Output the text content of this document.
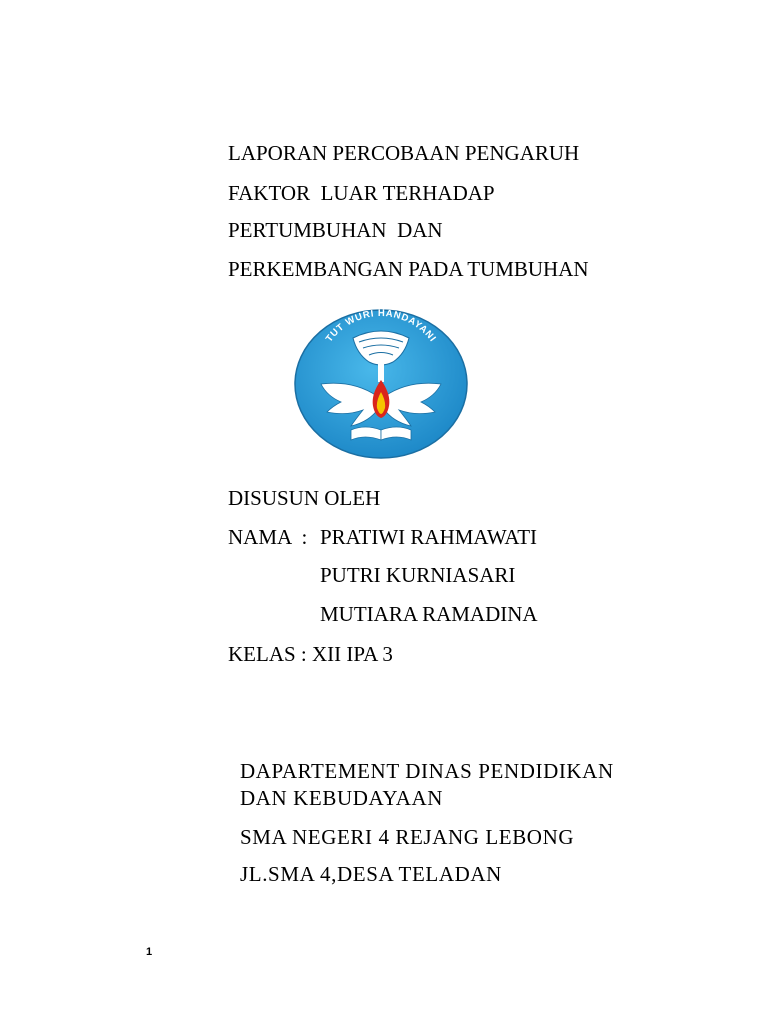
LAPORAN PERCOBAAN PENGARUH
FAKTOR  LUAR TERHADAP
PERTUMBUHAN  DAN
PERKEMBANGAN PADA TUMBUHAN
TUT WURI HANDAYANI
DISUSUN OLEH
NAMA  : PRATIWI RAHMAWATI
PUTRI KURNIASARI
MUTIARA RAMADINA
KELAS : XII IPA 3
DAPARTEMENT DINAS PENDIDIKAN
DAN KEBUDAYAAN
SMA NEGERI 4 REJANG LEBONG
JL.SMA 4,DESA TELADAN
1
